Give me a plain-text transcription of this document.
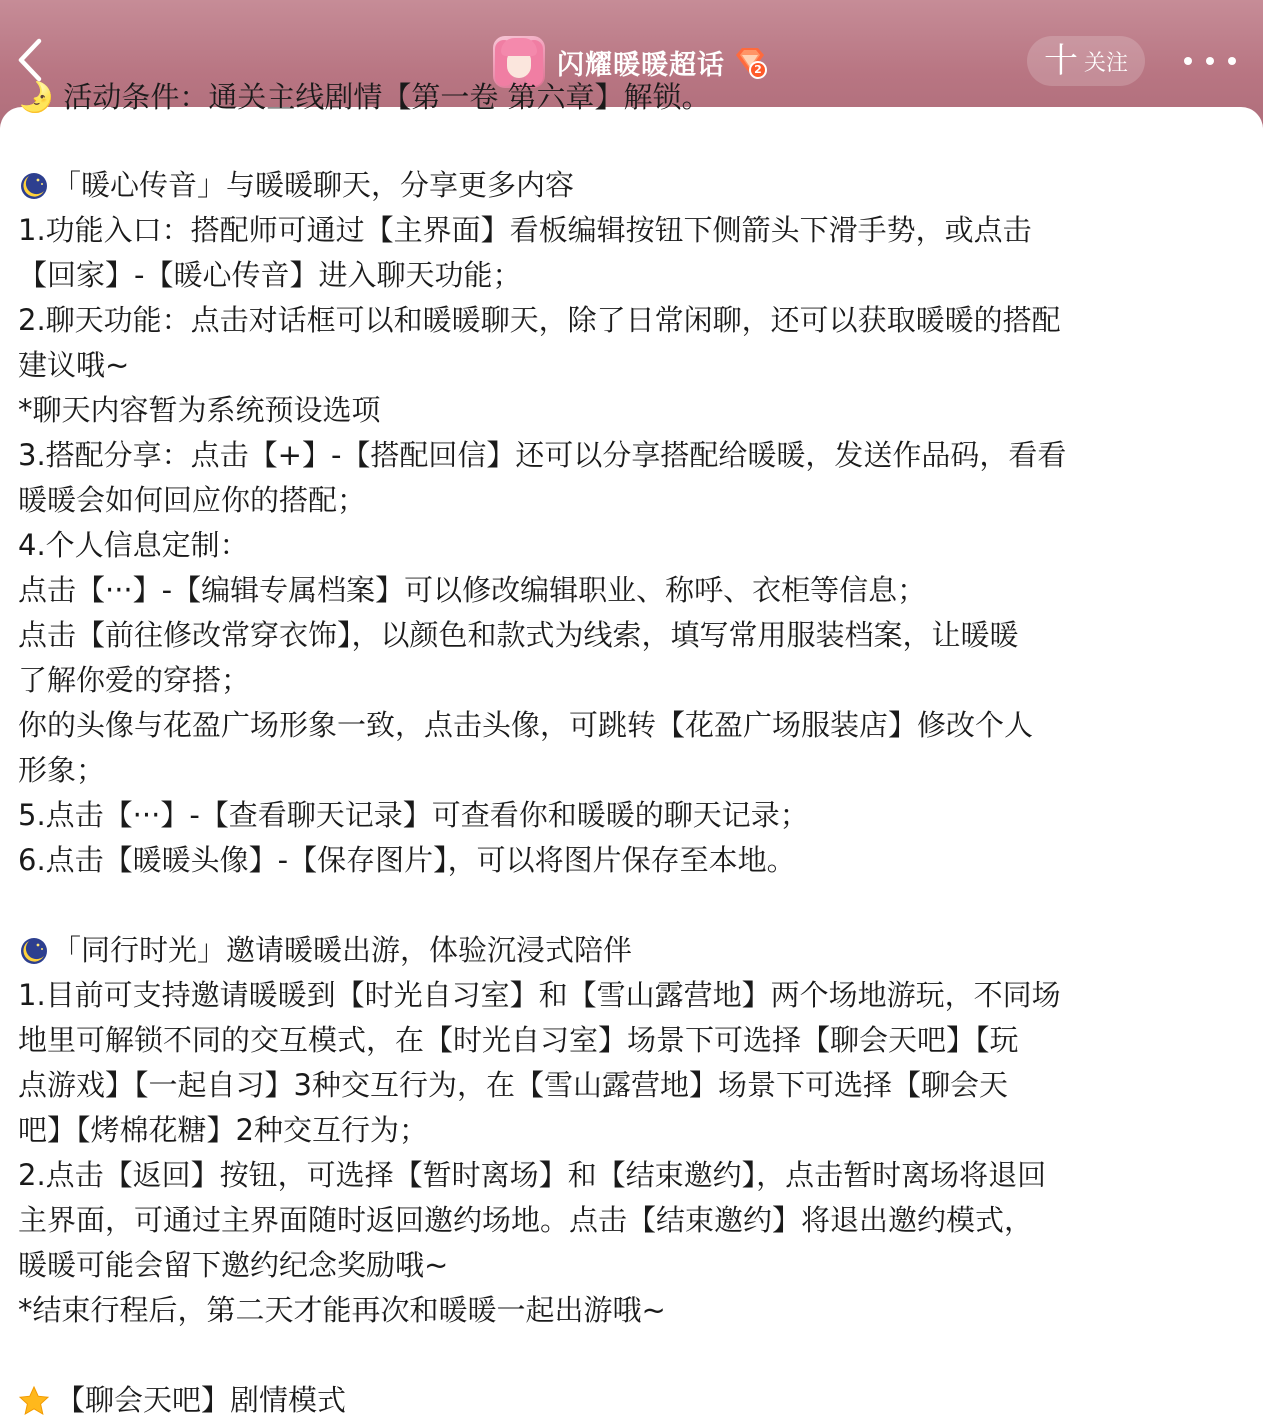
闪耀暖暖超话	2	十 关注
🌛 活动条件：通关主线剧情【第一卷 第六章】解锁。
「暖心传音」与暖暖聊天，分享更多内容
1.功能入口：搭配师可通过【主界面】看板编辑按钮下侧箭头下滑手势，或点击
【回家】-【暖心传音】进入聊天功能；
2.聊天功能：点击对话框可以和暖暖聊天，除了日常闲聊，还可以获取暖暖的搭配
建议哦~
*聊天内容暂为系统预设选项
3.搭配分享：点击【+】-【搭配回信】还可以分享搭配给暖暖，发送作品码，看看
暖暖会如何回应你的搭配；
4.个人信息定制：
点击【···】-【编辑专属档案】可以修改编辑职业、称呼、衣柜等信息；
点击【前往修改常穿衣饰】，以颜色和款式为线索，填写常用服装档案，让暖暖
了解你爱的穿搭；
你的头像与花盈广场形象一致，点击头像，可跳转【花盈广场服装店】修改个人
形象；
5.点击【···】-【查看聊天记录】可查看你和暖暖的聊天记录；
6.点击【暖暖头像】-【保存图片】，可以将图片保存至本地。
「同行时光」邀请暖暖出游，体验沉浸式陪伴
1.目前可支持邀请暖暖到【时光自习室】和【雪山露营地】两个场地游玩，不同场
地里可解锁不同的交互模式，在【时光自习室】场景下可选择【聊会天吧】【玩
点游戏】【一起自习】3种交互行为，在【雪山露营地】场景下可选择【聊会天
吧】【烤棉花糖】2种交互行为；
2.点击【返回】按钮，可选择【暂时离场】和【结束邀约】，点击暂时离场将退回
主界面，可通过主界面随时返回邀约场地。点击【结束邀约】将退出邀约模式，
暖暖可能会留下邀约纪念奖励哦~
*结束行程后，第二天才能再次和暖暖一起出游哦~
【聊会天吧】剧情模式
